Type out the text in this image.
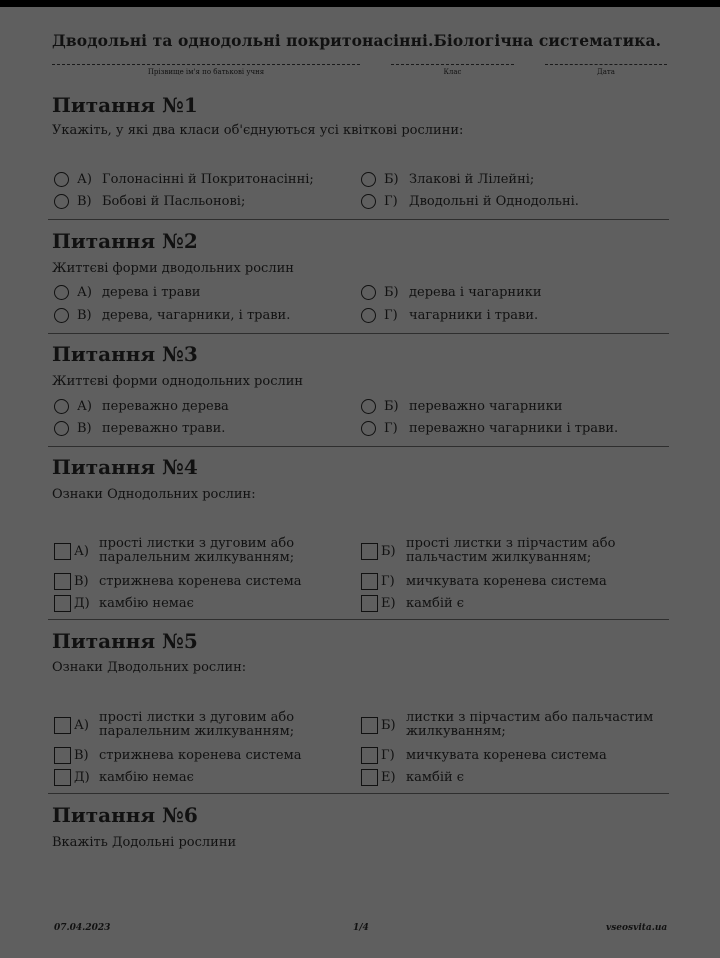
Дводольні та однодольні покритонасінні.Біологічна систематика.
Прізвище ім'я по батькові учня	Клас	Дата
Питання №1
Укажіть, у які два класи об'єднуються усі квіткові рослини:
А) Голонасінні й Покритонасінні;	Б) Злакові й Лілейні;
В) Бобові й Пасльонові;	Г) Дводольні й Однодольні.
Питання №2
Життєві форми дводольних рослин
А) дерева і трави	Б) дерева і чагарники
В) дерева, чагарники, і трави.	Г) чагарники і трави.
Питання №3
Життєві форми однодольних рослин
А) переважно дерева	Б) переважно чагарники
В) переважно трави.	Г) переважно чагарники і трави.
Питання №4
Ознаки Однодольних рослин:
А) прості листки з дуговим або
паралельним жилкуванням;	Б) прості листки з пірчастим або
пальчастим жилкуванням;
В) стрижнева коренева система	Г) мичкувата коренева система
Д) камбію немає	Е) камбій є
Питання №5
Ознаки Дводольних рослин:
А) прості листки з дуговим або
паралельним жилкуванням;	Б) листки з пірчастим або пальчастим
жилкуванням;
В) стрижнева коренева система	Г) мичкувата коренева система
Д) камбію немає	Е) камбій є
Питання №6
Вкажіть Додольні рослини
07.04.2023	1/4	vseosvita.ua
